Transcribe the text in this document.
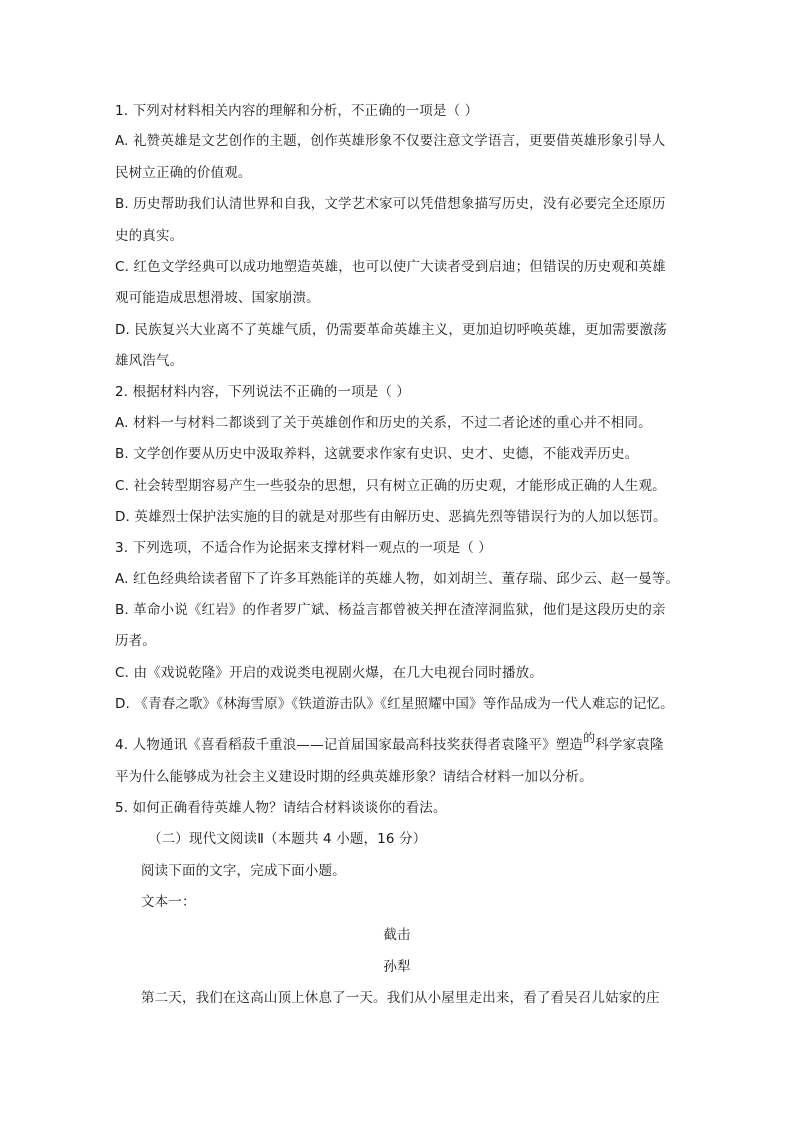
1. 下列对材料相关内容的理解和分析，不正确的一项是（ ）
A. 礼赞英雄是文艺创作的主题，创作英雄形象不仅要注意文学语言，更要借英雄形象引导人
民树立正确的价值观。
B. 历史帮助我们认清世界和自我，文学艺术家可以凭借想象描写历史，没有必要完全还原历
史的真实。
C. 红色文学经典可以成功地塑造英雄，也可以使广大读者受到启迪；但错误的历史观和英雄
观可能造成思想滑坡、国家崩溃。
D. 民族复兴大业离不了英雄气质，仍需要革命英雄主义，更加迫切呼唤英雄，更加需要激荡
雄风浩气。
2. 根据材料内容，下列说法不正确的一项是（ ）
A. 材料一与材料二都谈到了关于英雄创作和历史的关系，不过二者论述的重心并不相同。
B. 文学创作要从历史中汲取养料，这就要求作家有史识、史才、史德，不能戏弄历史。
C. 社会转型期容易产生一些驳杂的思想，只有树立正确的历史观，才能形成正确的人生观。
D. 英雄烈士保护法实施的目的就是对那些有由解历史、恶搞先烈等错误行为的人加以惩罚。
3. 下列选项，不适合作为论据来支撑材料一观点的一项是（ ）
A. 红色经典给读者留下了许多耳熟能详的英雄人物，如刘胡兰、董存瑞、邱少云、赵一曼等。
B. 革命小说《红岩》的作者罗广斌、杨益言都曾被关押在渣滓洞监狱，他们是这段历史的亲
历者。
C. 由《戏说乾隆》开启的戏说类电视剧火爆，在几大电视台同时播放。
D. 《青春之歌》《林海雪原》《铁道游击队》《红星照耀中国》等作品成为一代人难忘的记忆。
平为什么能够成为社会主义建设时期的经典英雄形象？请结合材料一加以分析。
5. 如何正确看待英雄人物？请结合材料谈谈你的看法。
（二）现代文阅读Ⅱ（本题共 4 小题，16 分）
阅读下面的文字，完成下面小题。
文本一：
第二天，我们在这高山顶上休息了一天。我们从小屋里走出来，看了看吴召儿姑家的庄
4. 人物通讯《喜看稻菽千重浪——记首届国家最高科技奖获得者袁隆平》塑造的科学家袁隆
截击
孙犁
